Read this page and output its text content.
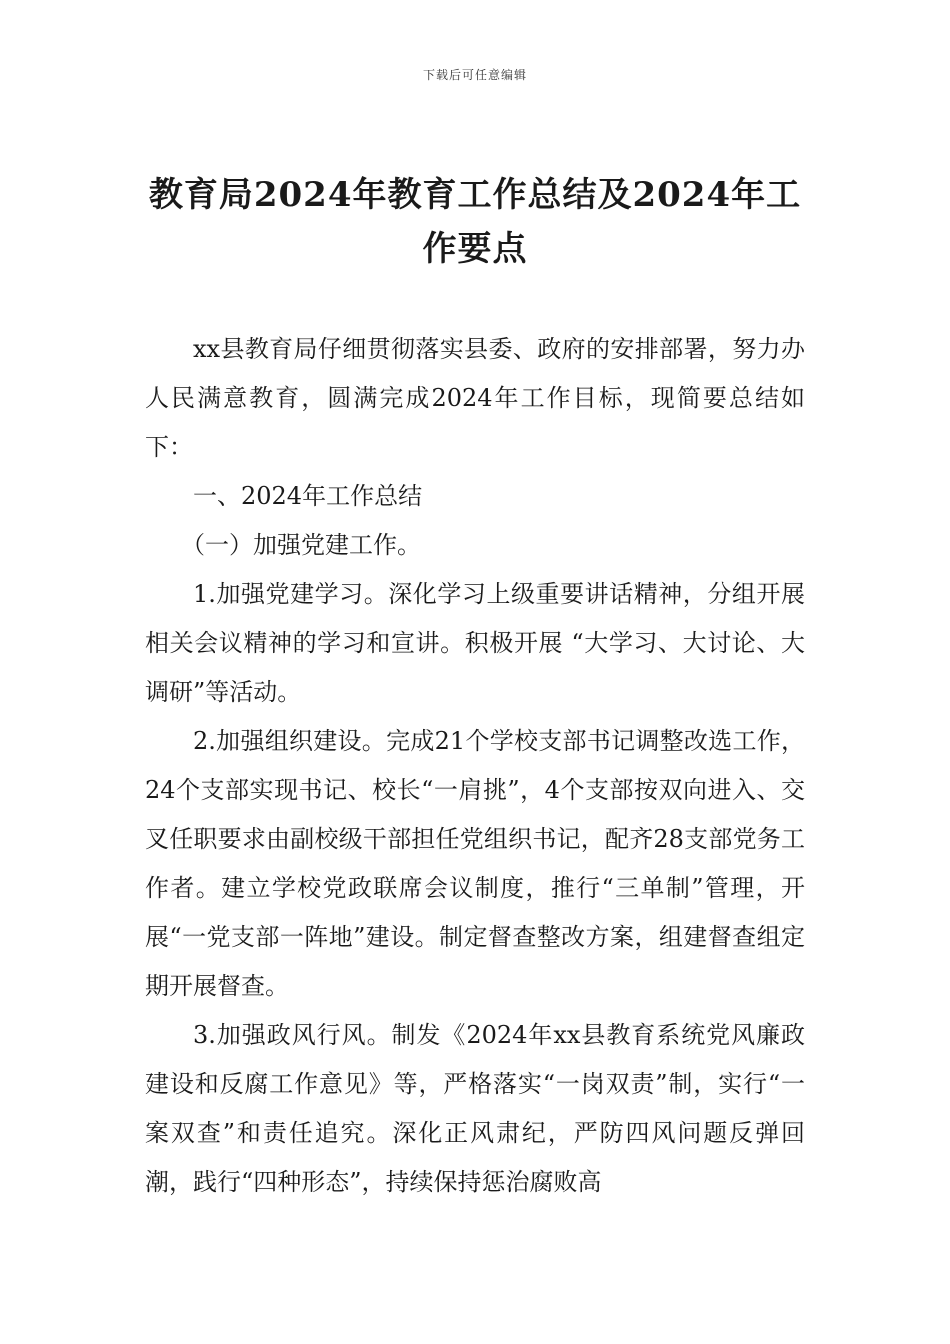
下载后可任意编辑
教育局2024年教育工作总结及2024年工作要点

xx县教育局仔细贯彻落实县委、政府的安排部署，努力办人民满意教育，圆满完成2024年工作目标，现简要总结如下：

一、2024年工作总结

（一）加强党建工作。

1.加强党建学习。深化学习上级重要讲话精神，分组开展相关会议精神的学习和宣讲。积极开展 “大学习、大讨论、大调研”等活动。

2.加强组织建设。完成21个学校支部书记调整改选工作，24个支部实现书记、校长“一肩挑”，4个支部按双向进入、交叉任职要求由副校级干部担任党组织书记，配齐28支部党务工作者。建立学校党政联席会议制度，推行“三单制”管理，开展“一党支部一阵地”建设。制定督查整改方案，组建督查组定期开展督查。

3.加强政风行风。制发《2024年xx县教育系统党风廉政建设和反腐工作意见》等，严格落实“一岗双责”制，实行“一案双查”和责任追究。深化正风肃纪，严防四风问题反弹回潮，践行“四种形态”，持续保持惩治腐败高
